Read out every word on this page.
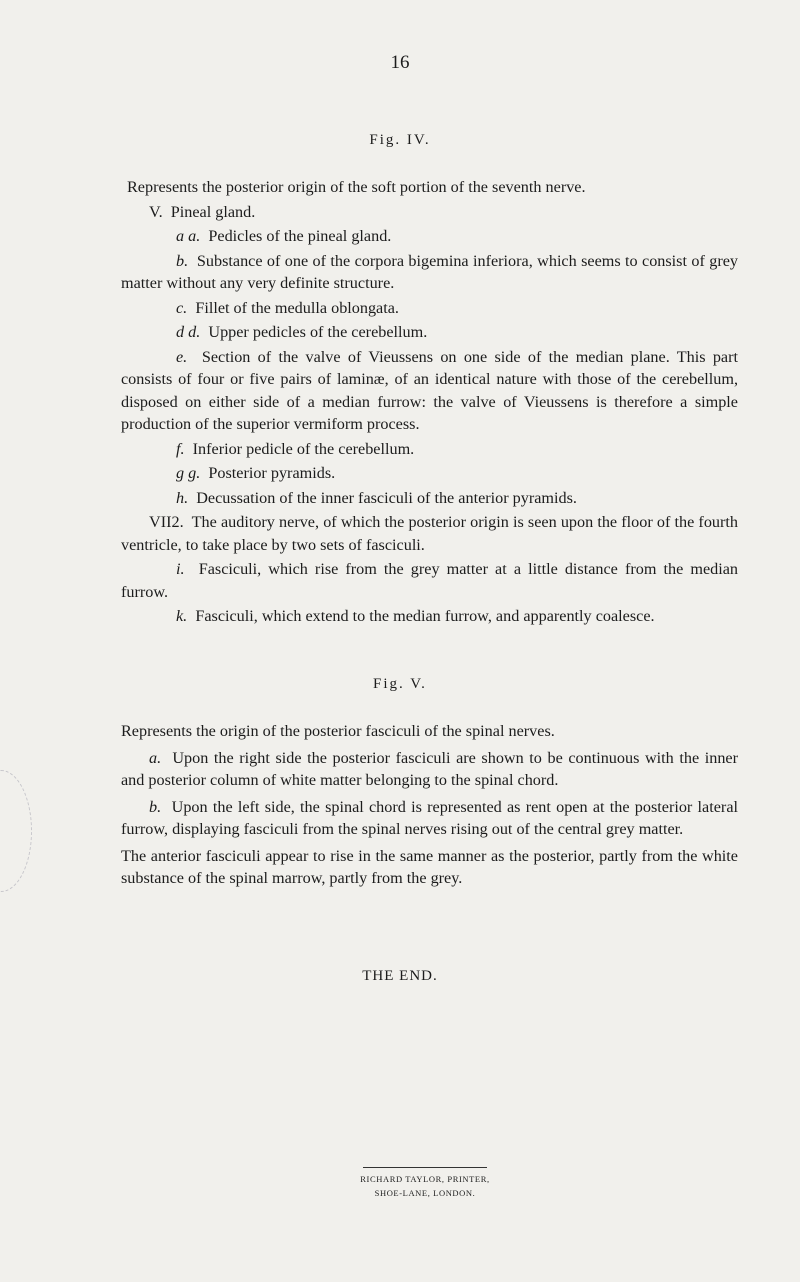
16
Fig. IV.

Represents the posterior origin of the soft portion of the seventh nerve.

V. Pineal gland.

a a. Pedicles of the pineal gland.

b. Substance of one of the corpora bigemina inferiora, which seems to consist of grey matter without any very definite structure.

c. Fillet of the medulla oblongata.

d d. Upper pedicles of the cerebellum.

e. Section of the valve of Vieussens on one side of the median plane. This part consists of four or five pairs of laminæ, of an identical nature with those of the cerebellum, disposed on either side of a median furrow: the valve of Vieussens is therefore a simple production of the superior vermiform process.

f. Inferior pedicle of the cerebellum.

g g. Posterior pyramids.

h. Decussation of the inner fasciculi of the anterior pyramids.

VII2. The auditory nerve, of which the posterior origin is seen upon the floor of the fourth ventricle, to take place by two sets of fasciculi.

i. Fasciculi, which rise from the grey matter at a little distance from the median furrow.

k. Fasciculi, which extend to the median furrow, and apparently coalesce.

Fig. V.

Represents the origin of the posterior fasciculi of the spinal nerves.

a. Upon the right side the posterior fasciculi are shown to be continuous with the inner and posterior column of white matter belonging to the spinal chord.

b. Upon the left side, the spinal chord is represented as rent open at the posterior lateral furrow, displaying fasciculi from the spinal nerves rising out of the central grey matter.

The anterior fasciculi appear to rise in the same manner as the posterior, partly from the white substance of the spinal marrow, partly from the grey.

THE END.
RICHARD TAYLOR, PRINTER,
SHOE-LANE, LONDON.
